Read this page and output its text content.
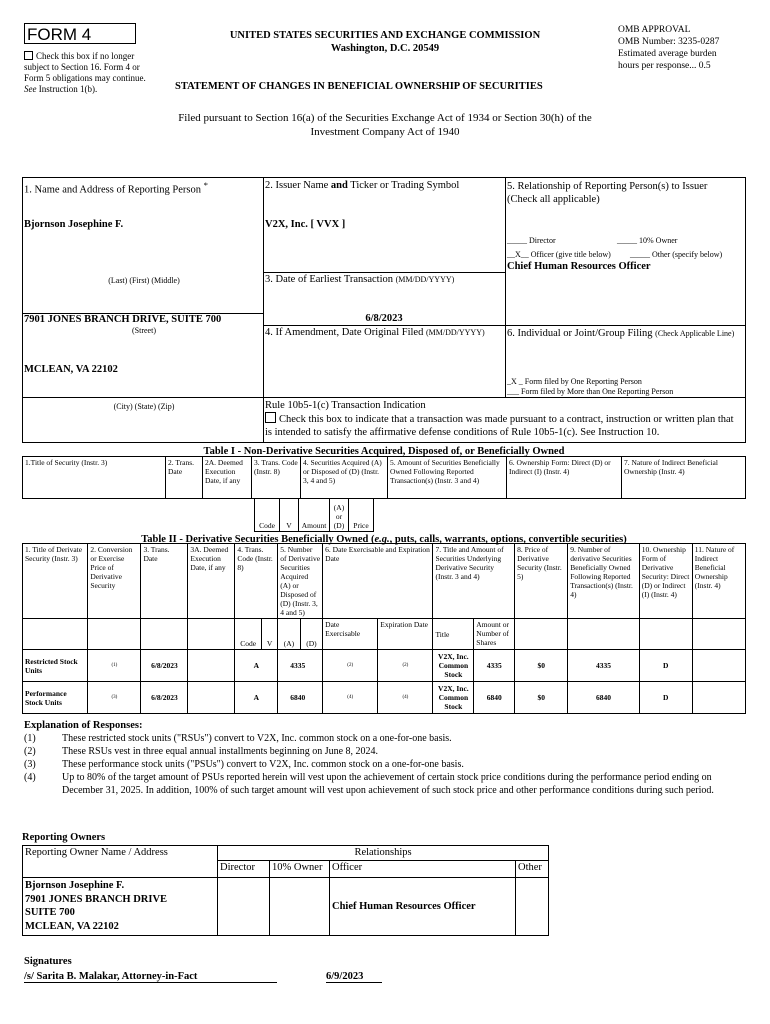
FORM 4
Check this box if no longer subject to Section 16. Form 4 or Form 5 obligations may continue. See Instruction 1(b).
UNITED STATES SECURITIES AND EXCHANGE COMMISSION
Washington, D.C. 20549
STATEMENT OF CHANGES IN BENEFICIAL OWNERSHIP OF SECURITIES
OMB APPROVAL
OMB Number: 3235-0287
Estimated average burden
hours per response... 0.5
Filed pursuant to Section 16(a) of the Securities Exchange Act of 1934 or Section 30(h) of the
Investment Company Act of 1940
1. Name and Address of Reporting Person *
Bjornson Josephine F.
(Last) (First) (Middle)
7901 JONES BRANCH DRIVE, SUITE 700
(Street)
MCLEAN, VA 22102
(City) (State) (Zip)
2. Issuer Name and Ticker or Trading Symbol
V2X, Inc. [ VVX ]
3. Date of Earliest Transaction (MM/DD/YYYY)
6/8/2023
4. If Amendment, Date Original Filed (MM/DD/YYYY)
5. Relationship of Reporting Person(s) to Issuer
(Check all applicable)
_____ Director	_____ 10% Owner
__X__ Officer (give title below) _____ Other (specify below)
Chief Human Resources Officer
6. Individual or Joint/Group Filing (Check Applicable Line)
_X _ Form filed by One Reporting Person
___ Form filed by More than One Reporting Person
Rule 10b5-1(c) Transaction Indication
Check this box to indicate that a transaction was made pursuant to a contract, instruction or written plan that is intended to satisfy the affirmative defense conditions of Rule 10b5-1(c). See Instruction 10.
Table I - Non-Derivative Securities Acquired, Disposed of, or Beneficially Owned
1.Title of Security (Instr. 3)	2. Trans. Date	2A. Deemed Execution Date, if any	3. Trans. Code (Instr. 8)	4. Securities Acquired (A) or Disposed of (D) (Instr. 3, 4 and 5)	5. Amount of Securities Beneficially Owned Following Reported Transaction(s) (Instr. 3 and 4)	6. Ownership Form: Direct (D) or Indirect (I) (Instr. 4)	7. Nature of Indirect Beneficial Ownership (Instr. 4)
Code	V	Amount	(A) or (D)	Price
Table II - Derivative Securities Beneficially Owned (e.g., puts, calls, warrants, options, convertible securities)
1. Title of Derivate Security (Instr. 3)	2. Conversion or Exercise Price of Derivative Security	3. Trans. Date	3A. Deemed Execution Date, if any	4. Trans. Code (Instr. 8)		5. Number of Derivative Securities Acquired (A) or Disposed of (D) (Instr. 3, 4 and 5)		6. Date Exercisable and Expiration Date		7. Title and Amount of Securities Underlying Derivative Security (Instr. 3 and 4)		8. Price of Derivative Security (Instr. 5)	9. Number of derivative Securities Beneficially Owned Following Reported Transaction(s) (Instr. 4)	10. Ownership Form of Derivative Security: Direct (D) or Indirect (I) (Instr. 4)	11. Nature of Indirect Beneficial Ownership (Instr. 4)
				Code	V	(A)	(D)	Date Exercisable	Expiration Date	Title	Amount or Number of Shares				
Restricted Stock Units	(1)	6/8/2023		A		4335		(2)	(2)	V2X, Inc. Common Stock	4335	$0	4335	D	
Performance Stock Units	(3)	6/8/2023		A		6840		(4)	(4)	V2X, Inc. Common Stock	6840	$0	6840	D	
Explanation of Responses:
(1)	These restricted stock units ("RSUs") convert to V2X, Inc. common stock on a one-for-one basis.
(2)	These RSUs vest in three equal annual installments beginning on June 8, 2024.
(3)	These performance stock units ("PSUs") convert to V2X, Inc. common stock on a one-for-one basis.
(4)	Up to 80% of the target amount of PSUs reported herein will vest upon the achievement of certain stock price conditions during the performance period ending on December 31, 2025. In addition, 100% of such target amount will vest upon achievement of such stock price and other performance conditions during such period.
Reporting Owners
Reporting Owner Name / Address	Relationships			
	Director	10% Owner	Officer	Other

Bjornson Josephine F.
7901 JONES BRANCH DRIVE
SUITE 700
MCLEAN, VA 22102			Chief Human Resources Officer	
Signatures
/s/ Sarita B. Malakar, Attorney-in-Fact	6/9/2023
